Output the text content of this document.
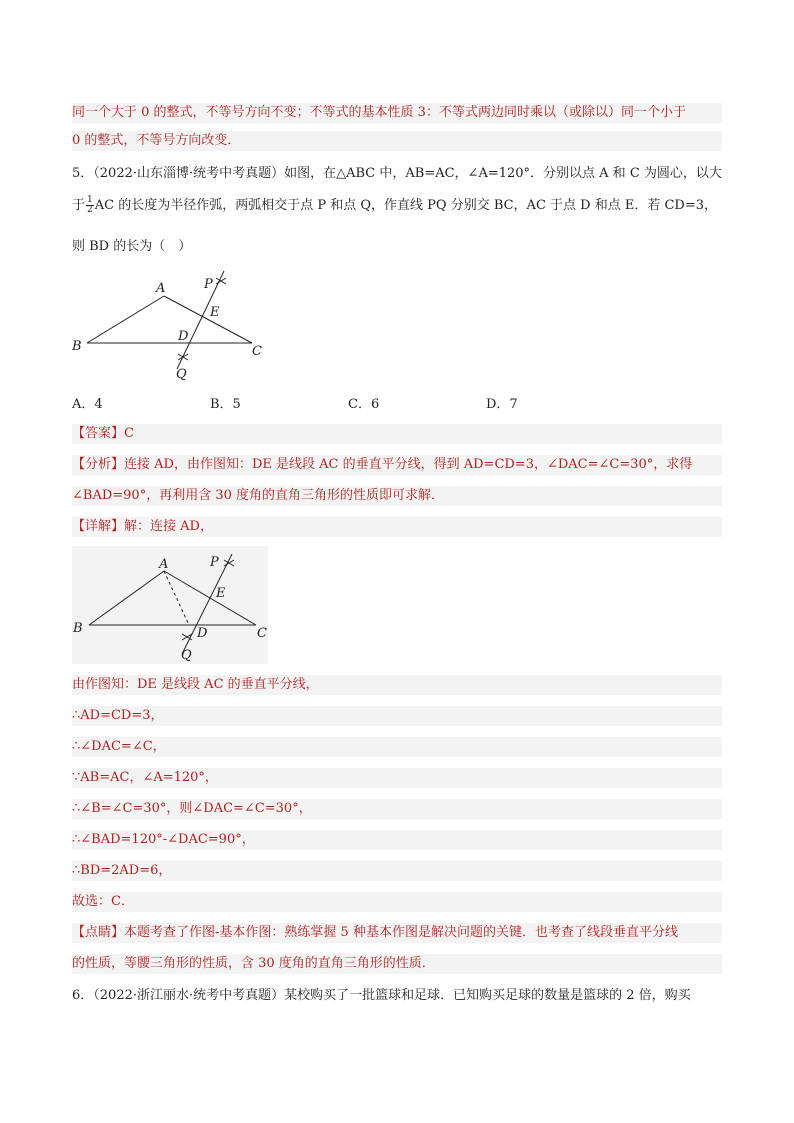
同一个大于 0 的整式，不等号方向不变；不等式的基本性质 3：不等式两边同时乘以（或除以）同一个小于
0 的整式，不等号方向改变．
5．（2022·山东淄博·统考中考真题）如图，在△ABC 中，AB=AC，∠A=120°．分别以点 A 和 C 为圆心，以大
于 $\frac{1}{2}$ AC 的长度为半径作弧，两弧相交于点 P 和点 Q，作直线 PQ 分别交 BC，AC 于点 D 和点 E．若 CD=3，
则 BD 的长为（　）
A
B	C
D
E
P
Q
A．4	B．5	C．6	D．7
【答案】C
【分析】连接 AD，由作图知：DE 是线段 AC 的垂直平分线，得到 AD=CD=3，∠DAC=∠C=30°，求得
∠BAD=90°，再利用含 30 度角的直角三角形的性质即可求解．
【详解】解：连接 AD，
A
B	C
D
E
P
Q
由作图知：DE 是线段 AC 的垂直平分线，
∴AD=CD=3，
∴∠DAC=∠C，
∵AB=AC，∠A=120°，
∴∠B=∠C=30°，则∠DAC=∠C=30°，
∴∠BAD=120°-∠DAC=90°，
∴BD=2AD=6，
故选：C．
【点睛】本题考查了作图-基本作图：熟练掌握 5 种基本作图是解决问题的关键．也考查了线段垂直平分线
的性质，等腰三角形的性质，含 30 度角的直角三角形的性质．
6．（2022·浙江丽水·统考中考真题）某校购买了一批篮球和足球．已知购买足球的数量是篮球的 2 倍，购买
